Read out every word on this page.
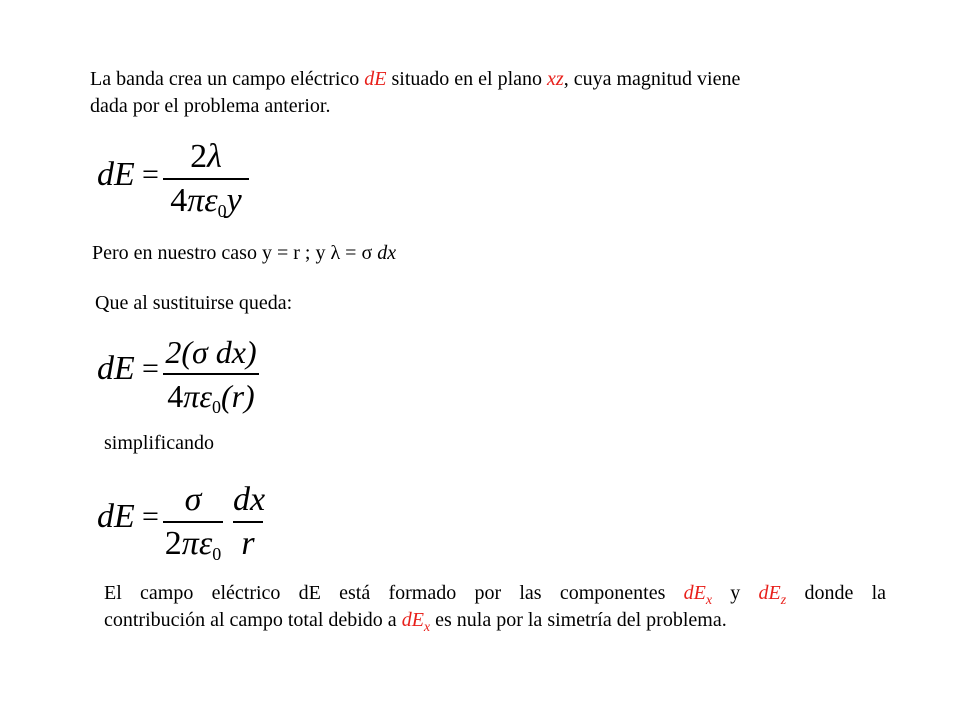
La banda crea un campo eléctrico dE situado en el plano xz, cuya magnitud viene
dada por el problema anterior.
dE = 2λ
4πε0y
Pero en nuestro caso y = r ; y λ = σ dx
Que al sustituirse queda:
dE = 2(σ dx)
4πε0(r)
simplificando
dE = σ
2πε0
dx
r
El campo eléctrico dE está formado por las componentes $dE_x$ y $dE_z$ donde la
contribución al campo total debido a $dE_x$ es nula por la simetría del problema.
